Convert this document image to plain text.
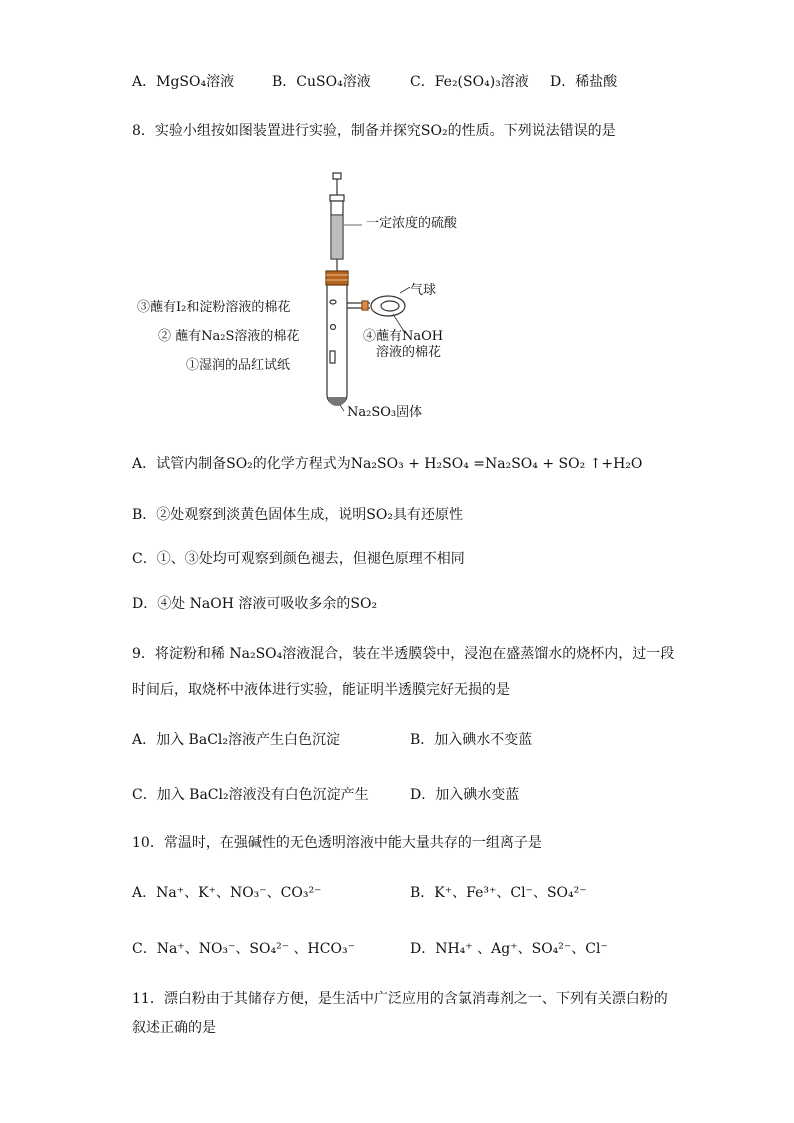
A．MgSO₄溶液	B．CuSO₄溶液	C．Fe₂(SO₄)₃溶液 D．稀盐酸
8．实验小组按如图装置进行实验，制备并探究SO₂的性质。下列说法错误的是
一定浓度的硫酸
气球
③蘸有I₂和淀粉溶液的棉花
② 蘸有Na₂S溶液的棉花	④蘸有NaOH
溶液的棉花
①湿润的品红试纸
Na₂SO₃固体
A．试管内制备SO₂的化学方程式为Na₂SO₃ + H₂SO₄ =Na₂SO₄ + SO₂ ↑+H₂O
B．②处观察到淡黄色固体生成，说明SO₂具有还原性
C．①、③处均可观察到颜色褪去，但褪色原理不相同
D．④处 NaOH 溶液可吸收多余的SO₂
9．将淀粉和稀 Na₂SO₄溶液混合，装在半透膜袋中，浸泡在盛蒸馏水的烧杯内，过一段
时间后，取烧杯中液体进行实验，能证明半透膜完好无损的是
A．加入 BaCl₂溶液产生白色沉淀	B．加入碘水不变蓝
C．加入 BaCl₂溶液没有白色沉淀产生	D．加入碘水变蓝
10．常温时，在强碱性的无色透明溶液中能大量共存的一组离子是
A．Na⁺、K⁺、NO₃⁻、CO₃²⁻	B．K⁺、Fe³⁺、Cl⁻、SO₄²⁻
C．Na⁺、NO₃⁻、SO₄²⁻ 、HCO₃⁻	D．NH₄⁺ 、Ag⁺、SO₄²⁻、Cl⁻
11．漂白粉由于其储存方便，是生活中广泛应用的含氯消毒剂之一、下列有关漂白粉的
叙述正确的是
